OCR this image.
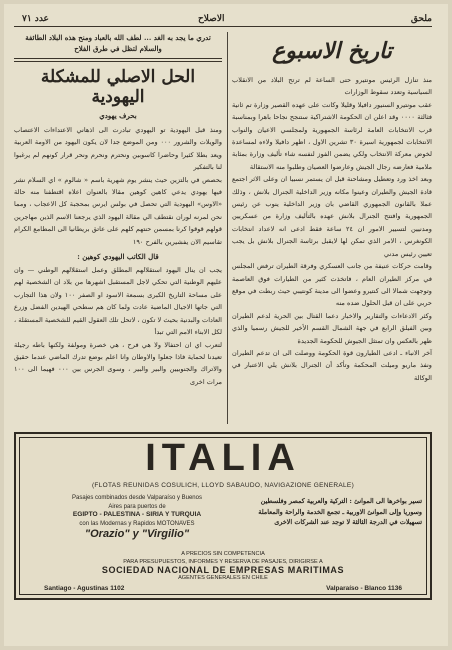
ملحق
الاصلاح
عدد ٧١
تاريخ الاسبوع

منذ تنازل الرئيس مونتيرو حتى الساعة لم ترتح البلاد من الانقلاب السياسية وتعدد سقوط الوزارات

عقب مونتيرو السنيور دافيلا وقليلا وكانت على عهده القصير وزارة تم ثانية فثالثة ٠٠٠٠ وقد اعلن ان الحكومة الاشتراكية ستنجح نجاحا باهرا وبمناسبة قرب الانتخابات العامة لرئاسة الجمهورية ولمجلسي الاعيان والنواب الانتخابات لجمهورية اسيرة ٣٠ تشرين الاول ، اظهر دافيلا ولاءه لمساعدة لخوض معركة الانتخاب ولكي يضمن الفوز لنفسه شاء تأليف وزارة بمثابة ملامية فعارضه رجال الجيش وعارضوا العصيان وطلبوا منه الاستقالة

وبعد اخذ ورد وتعطيل ومشاحنة قبل ان يستمر نسبيا ان وعلى الاثر اجتمع قادة الجيش والطيران وعينوا مكانه وزير الداخلية الجنرال بلانش ، وذلك عملا بالقانون الجمهوري القاضي بان وزير الداخلية ينوب عن رئيس الجمهورية وافتتح الجنرال بلانش عهده بالتأليف وزارة من عسكريين ومدنيين لتسيير الامور ان ٢٤ ساعة فقط ادعى انه لاعداد انتخابات الكونغرس ، الامر الذي تمكن لها لايقبل برئاسة الجنرال بلانش بل يجب تعيين رئيس مدني

وقامت حركات عنيفة من جانب العسكري وفرقة الطيران ترفض المجلس في مركز الطيران العام ، فاتخذت كثير من الطيارات فوق العاصمة وتوجهت شمالا الى كنتيرو وعضوا الى مدينة كونتيبي حيث ربطت في موقع حربي على ان قبل الحلول ضده منه

وكثر الادعاءات والتقارير والاخبار دعما القتال بين الحرية لدعم الطيران وبين الفيلق الرابع في جهة الشمال القسم الأخير للجيش رسميا والذي ظهر بالعكس وان تمتثل الجيوش للحكومة الجديدة

آخر الانباء ـ ادعى الطيارون قوة الحكومة ووصلت الى ان تدعم الطيران ونفذ ماريو وميلت المحكمة وتأكد أن الجنرال بلانش يلي الاعتبار في الوكالة

تدري ما يجد به الغد ... لطف الله بالعباد ومنح هذه البلاد الطائفة والسلام لتظل في طرق الفلاح
الحل الاصلي للمشكلة اليهودية
بحرف يهودي

ومنذ قبل اليهودية تو اليهودي تبادرت الى اذهاني الاعتداءات الاعتصاب والويلات والشرور ٠٠٠ ومن الموضع جدا لان يكون اليهود من الاومة العربية ويعد بطلا كثيرا وحاضرا كاسوبين ونحترم ونحرم ونحر قرار كونهم لم يرغبوا لنا بالتفكير

بحصص في بالتزين حيث ينشر يوم شهرية باسم « شالوم » اي السلام نشر فيها يهودي يدعي كاهين كوهين مقالا بالعنوان اعلاه اقتطفنا منه حالة «الاوس» اليهودية التي تحصل في بولس ايرس بمحجبة كل الاعجاب ، ومما نحن لمرنه لوران نقتطف الي مقالة اليهود الذي يرجعنا الاسم الذين مهاجرين قولهم قوقوا كرنا بمسمن حنتهم كلهم على عاتق بريطانيا الى المطامع الكرام تقاسيم الان يفشيرين بالفرح ١٩٠

قال الكاتب اليهودي كوهين :

يجب ان ينال اليهود استقلالهم المطلق وعمل استقلالهم الوطني — وان عليهم الوطنية التي تحكي لاجل المستقبل اشهرها من بلاد ان الشخصية لهم على مساحة التاريخ الكبرى بسمعة الاسود او الصفر ١٠٠ ولان هذا التجارب التي جاتها الاجيال الماضية عادت ولما كان هم سطحي الهيدين الفضل وزرع العادات والبدنية بحيث لا تكون ، لاتحل تلك العقول القيم للشخصية المستقلة ، لكل الابناء الامم التي تبدأ

لتعرب اي ان احتفالا ولا هي فرح ، هي خصرة ومولفة ولكنها باطه رجيلة تعيدنا لحماية فاذا جعلوا والاوطان وانا اعلم بوضع تدرك الماضي عندما حقيق والاتراك والجنوبيين والبير والبير ، وسوى الجرس بين ٠٠٠ فهيما الى ١٠٠ مرات اخرى

ITALIA
(FLOTAS REUNIDAS COSULICH, LLOYD SABAUDO, NAVIGAZIONE GENERALE)
Pasajes combinados desde Valparaíso y Buenos
Aires para puertos de
EGIPTO - PALESTINA - SIRIA Y TURQUIA
con las Modernas y Rapidos MOTONAVES
"Orazio" y "Virgilio"
تسير بواخرها الى الموانئ : التركية والعربية كمصر وفلسطين
وسوريا وإلى الموانئ الاوربية ـ تجمع الخدمة والراحة والمعاملة
تسهيلات في الدرجة الثالثة لا توجد عند الشركات الاخرى
A PRECIOS SIN COMPETENCIA
PARA PRESUPUESTOS, INFORMES Y RESERVA DE PASAJES, DIRIGIRSE A
SOCIEDAD NACIONAL DE EMPRESAS MARITIMAS
AGENTES GENERALES EN CHILE
Santiago - Agustinas 1102	Valparaíso - Blanco 1136
